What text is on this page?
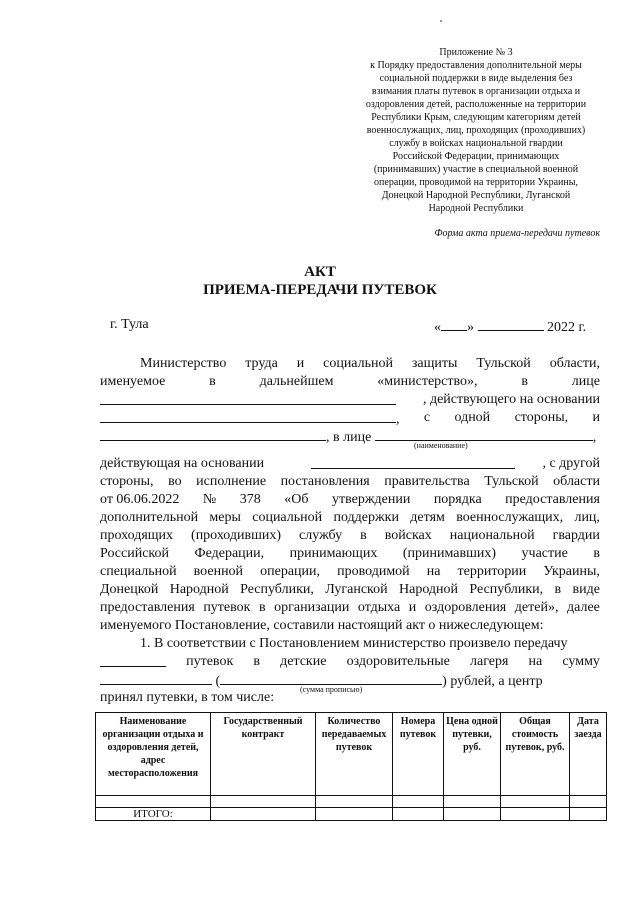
Приложение № 3
к Порядку предоставления дополнительной меры
социальной поддержки в виде выделения без
взимания платы путевок в организации отдыха и
оздоровления детей, расположенные на территории
Республики Крым, следующим категориям детей
военнослужащих, лиц, проходящих (проходивших)
службу в войсках национальной гвардии
Российской Федерации, принимающих
(принимавших) участие в специальной военной
операции, проводимой на территории Украины,
Донецкой Народной Республики, Луганской
Народной Республики
Форма акта приема-передачи путевок
АКТ
ПРИЕМА-ПЕРЕДАЧИ ПУТЕВОК
г. Тула	« »	2022 г.
Министерство труда и социальной защиты Тульской области,
именуемое	в	дальнейшем	«министерство»,	в	лице
, действующего на основании
, с одной стороны, и
, в лице	,
(наименование)
действующая на основании	, с другой
стороны, во исполнение постановления правительства Тульской области
от 06.06.2022 № 378 «Об утверждении порядка предоставления
дополнительной меры социальной поддержки детям военнослужащих, лиц,
проходящих (проходивших) службу в войсках национальной гвардии
Российской Федерации, принимающих (принимавших) участие в
специальной военной операции, проводимой на территории Украины,
Донецкой Народной Республики, Луганской Народной Республики, в виде
предоставления путевок в организации отдыха и оздоровления детей», далее
именуемого Постановление, составили настоящий акт о нижеследующем:
1. В соответствии с Постановлением министерство произвело передачу
путевок в детские оздоровительные лагеря на сумму
(	) рублей, а центр
(сумма прописью)
принял путевки, в том числе:
Наименование организации отдыха и оздоровления детей, адрес месторасположения	Государственный контракт	Количество передаваемых путевок	Номера путевок	Цена одной путевки, руб.	Общая стоимость путевок, руб.	Дата заезда

ИТОГО:						
